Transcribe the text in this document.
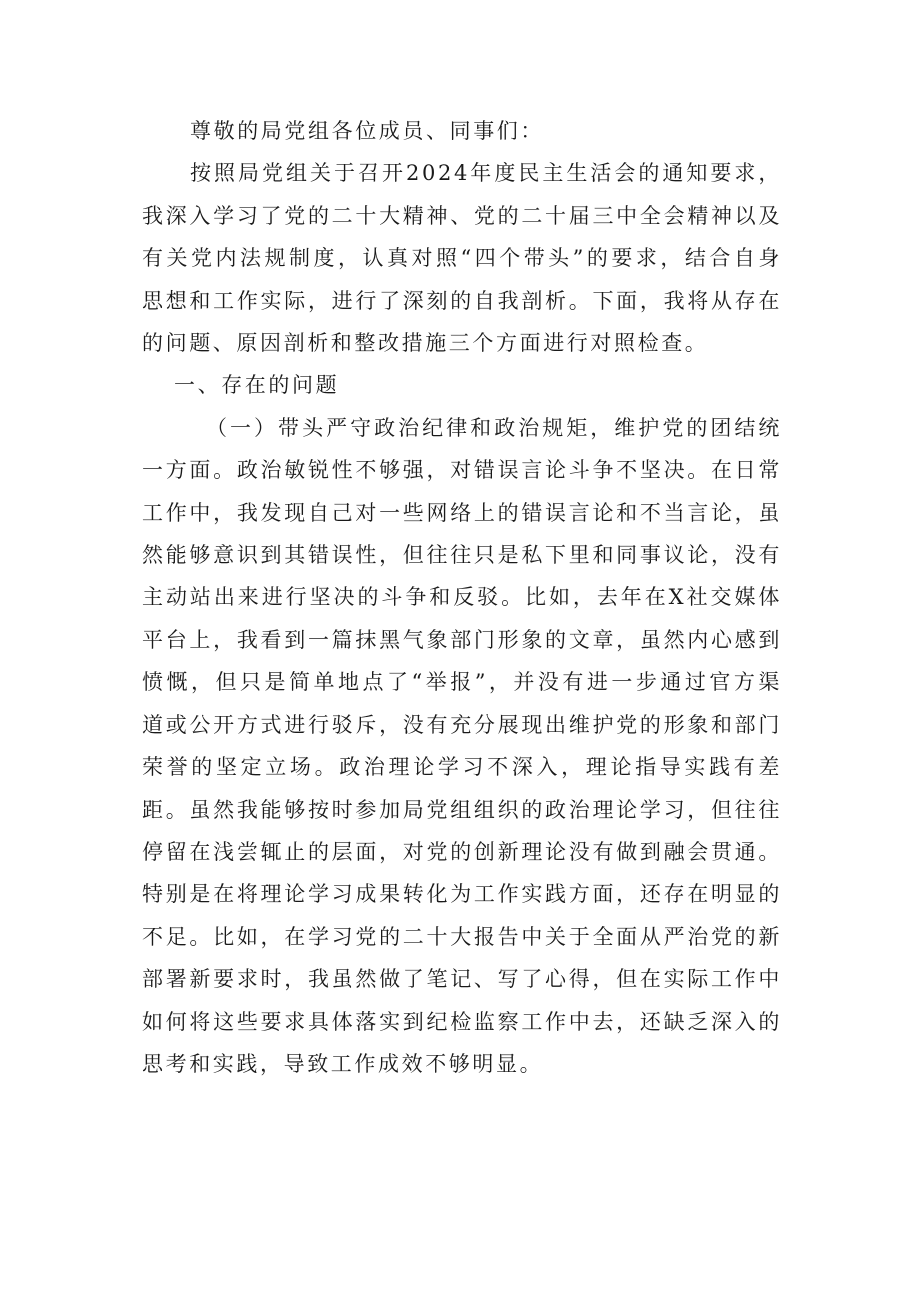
尊敬的局党组各位成员、同事们：

按照局党组关于召开2024年度民主生活会的通知要求，我深入学习了党的二十大精神、党的二十届三中全会精神以及有关党内法规制度，认真对照“四个带头”的要求，结合自身思想和工作实际，进行了深刻的自我剖析。下面，我将从存在的问题、原因剖析和整改措施三个方面进行对照检查。

一、存在的问题

（一）带头严守政治纪律和政治规矩，维护党的团结统一方面。政治敏锐性不够强，对错误言论斗争不坚决。在日常工作中，我发现自己对一些网络上的错误言论和不当言论，虽然能够意识到其错误性，但往往只是私下里和同事议论，没有主动站出来进行坚决的斗争和反驳。比如，去年在X社交媒体平台上，我看到一篇抹黑气象部门形象的文章，虽然内心感到愤慨，但只是简单地点了“举报”，并没有进一步通过官方渠道或公开方式进行驳斥，没有充分展现出维护党的形象和部门荣誉的坚定立场。政治理论学习不深入，理论指导实践有差距。虽然我能够按时参加局党组组织的政治理论学习，但往往停留在浅尝辄止的层面，对党的创新理论没有做到融会贯通。特别是在将理论学习成果转化为工作实践方面，还存在明显的不足。比如，在学习党的二十大报告中关于全面从严治党的新部署新要求时，我虽然做了笔记、写了心得，但在实际工作中如何将这些要求具体落实到纪检监察工作中去，还缺乏深入的思考和实践，导致工作成效不够明显。
